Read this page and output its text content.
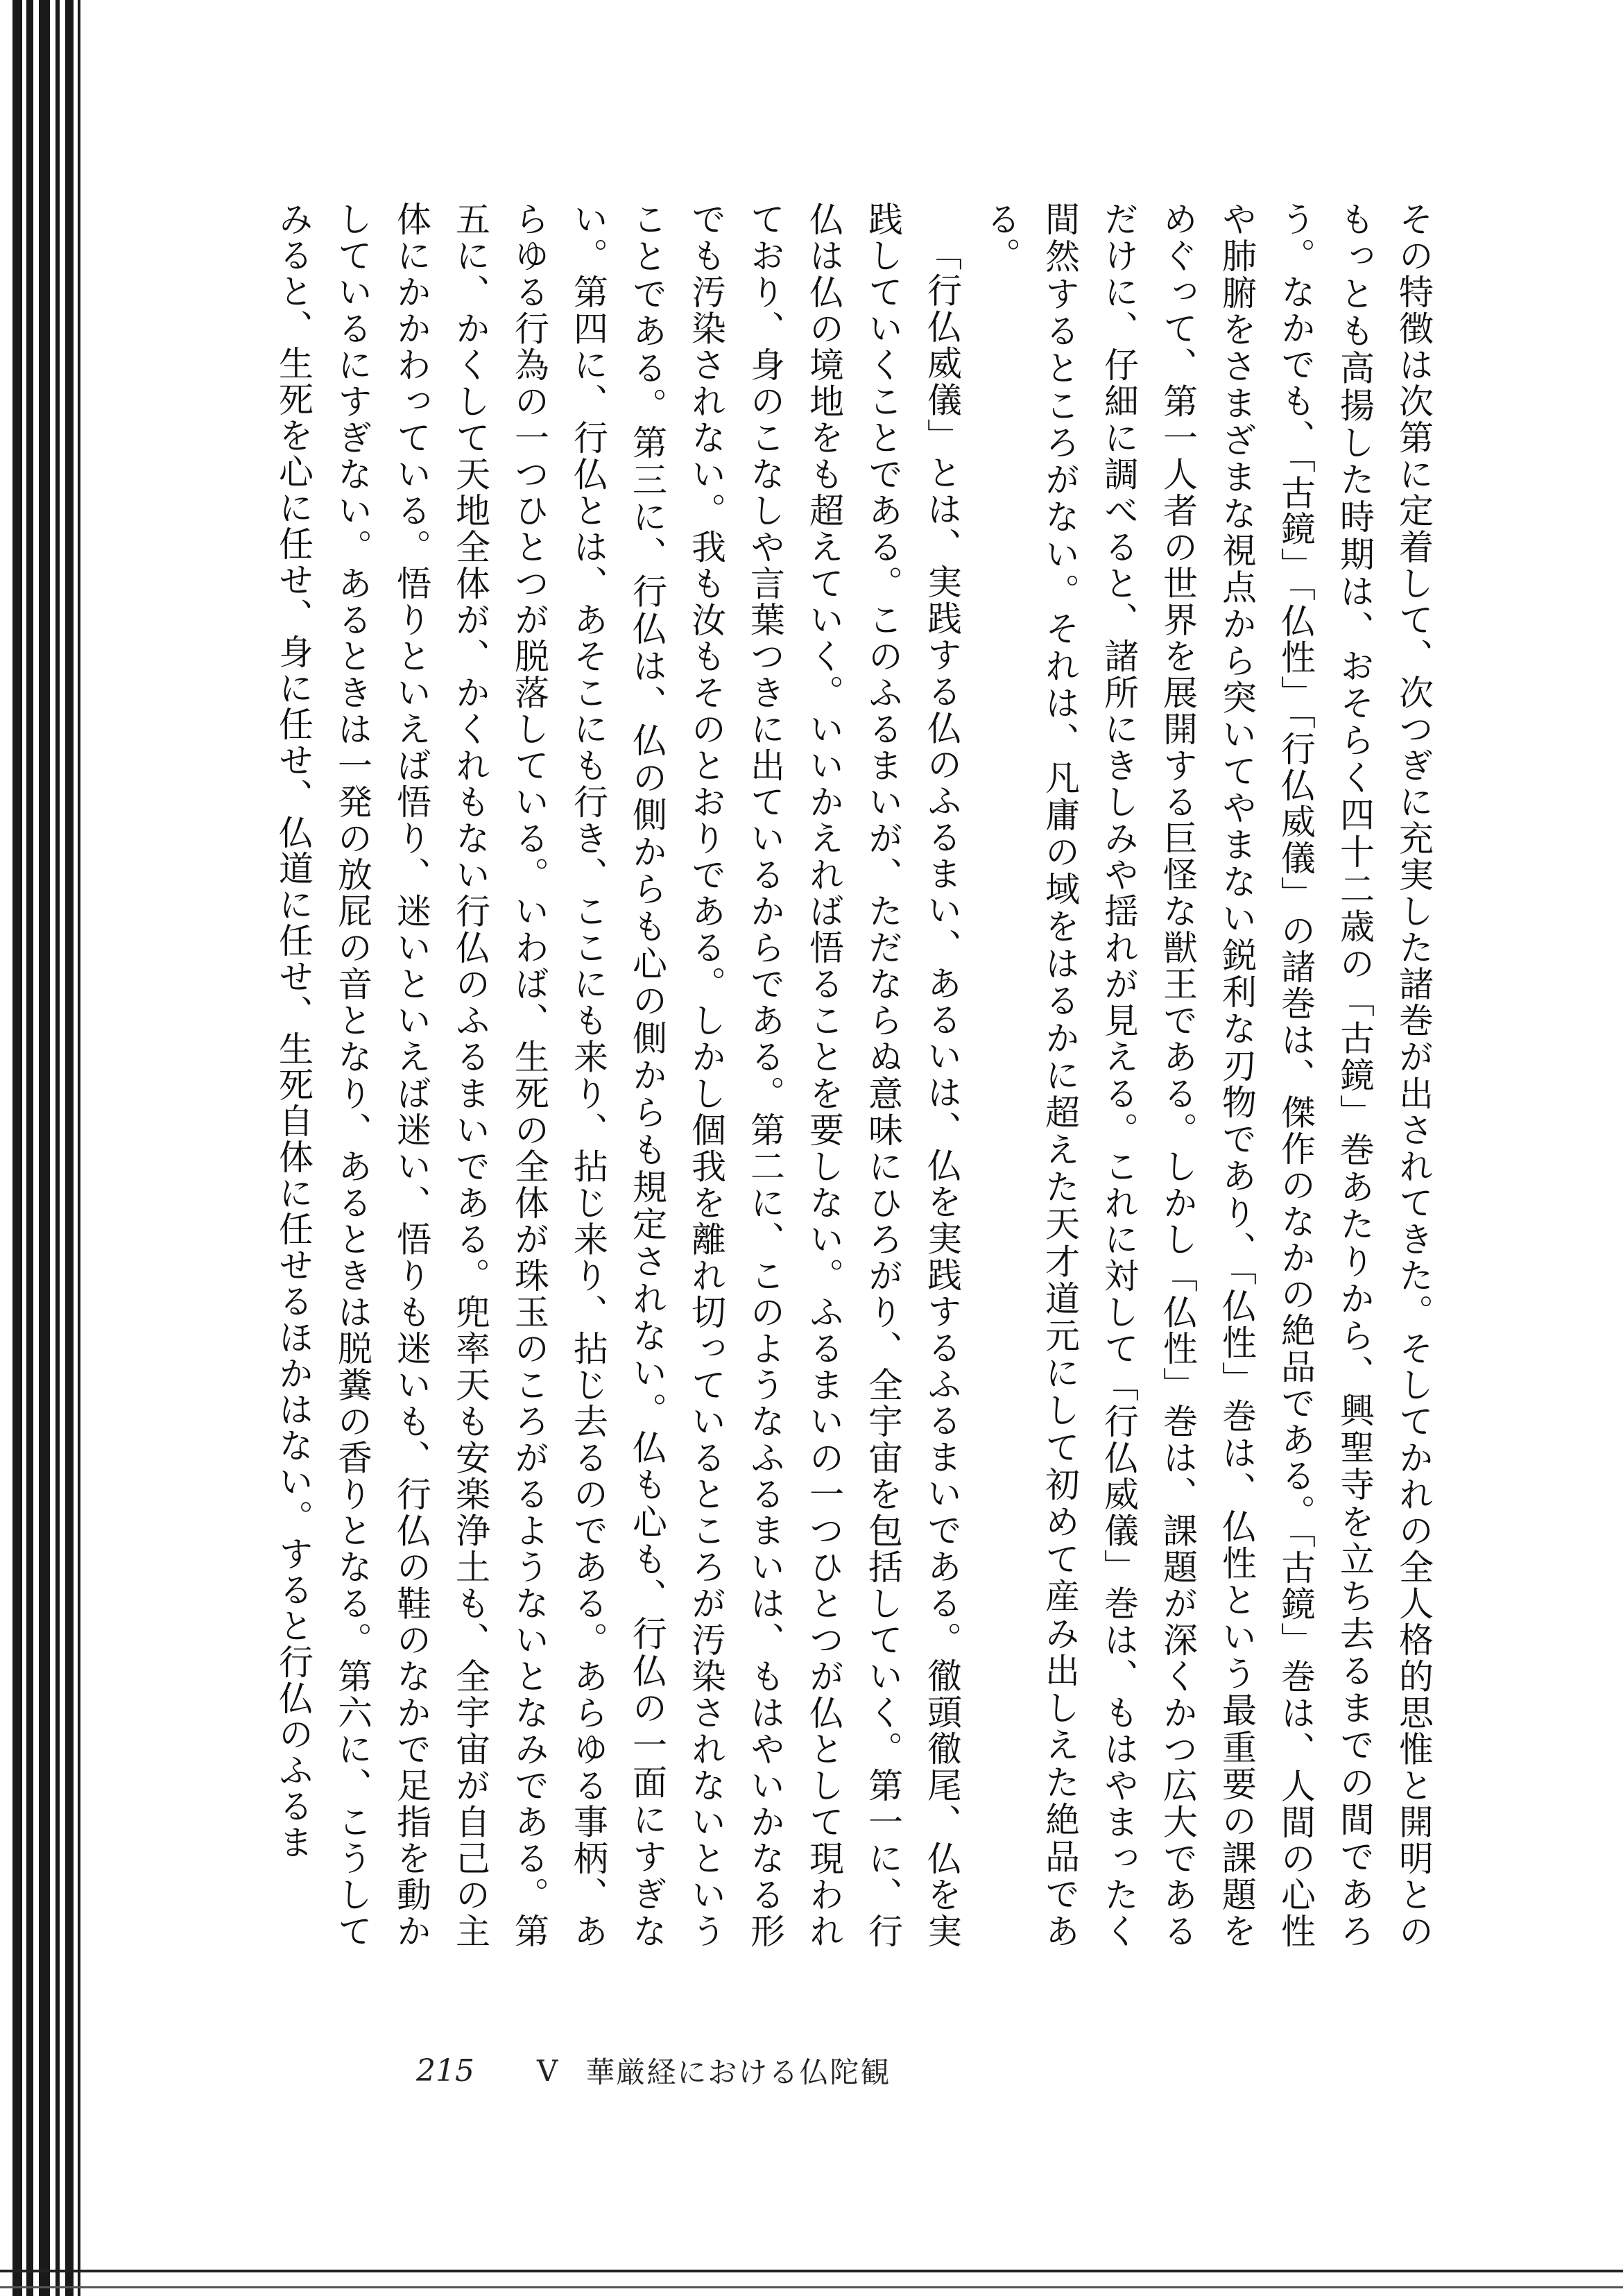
その特徴は次第に定着して、次つぎに充実した諸巻が出されてきた。そしてかれの全人格的思惟と開明とのもっとも高揚した時期は、おそらく四十二歳の「古鏡」巻あたりから、興聖寺を立ち去るまでの間であろう。なかでも、「古鏡」「仏性」「行仏威儀」の諸巻は、傑作のなかの絶品である。「古鏡」巻は、人間の心性や肺腑をさまざまな視点から突いてやまない鋭利な刃物であり、「仏性」巻は、仏性という最重要の課題をめぐって、第一人者の世界を展開する巨怪な獣王である。しかし「仏性」巻は、課題が深くかつ広大であるだけに、仔細に調べると、諸所にきしみや揺れが見える。これに対して「行仏威儀」巻は、もはやまったく間然するところがない。それは、凡庸の域をはるかに超えた天才道元にして初めて産み出しえた絶品である。

「行仏威儀」とは、実践する仏のふるまい、あるいは、仏を実践するふるまいである。徹頭徹尾、仏を実践していくことである。このふるまいが、ただならぬ意味にひろがり、全宇宙を包括していく。第一に、行仏は仏の境地をも超えていく。いいかえれば悟ることを要しない。ふるまいの一つひとつが仏として現われており、身のこなしや言葉つきに出ているからである。第二に、このようなふるまいは、もはやいかなる形でも汚染されない。我も汝もそのとおりである。しかし個我を離れ切っているところが汚染されないということである。第三に、行仏は、仏の側からも心の側からも規定されない。仏も心も、行仏の一面にすぎない。第四に、行仏とは、あそこにも行き、ここにも来り、拈じ来り、拈じ去るのである。あらゆる事柄、あらゆる行為の一つひとつが脱落している。いわば、生死の全体が珠玉のころがるようないとなみである。第五に、かくして天地全体が、かくれもない行仏のふるまいである。兜率天も安楽浄土も、全宇宙が自己の主体にかかわっている。悟りといえば悟り、迷いといえば迷い、悟りも迷いも、行仏の鞋のなかで足指を動かしているにすぎない。あるときは一発の放屁の音となり、あるときは脱糞の香りとなる。第六に、こうしてみると、生死を心に任せ、身に任せ、仏道に任せ、生死自体に任せるほかはない。すると行仏のふるま

215 V 華厳経における仏陀観
